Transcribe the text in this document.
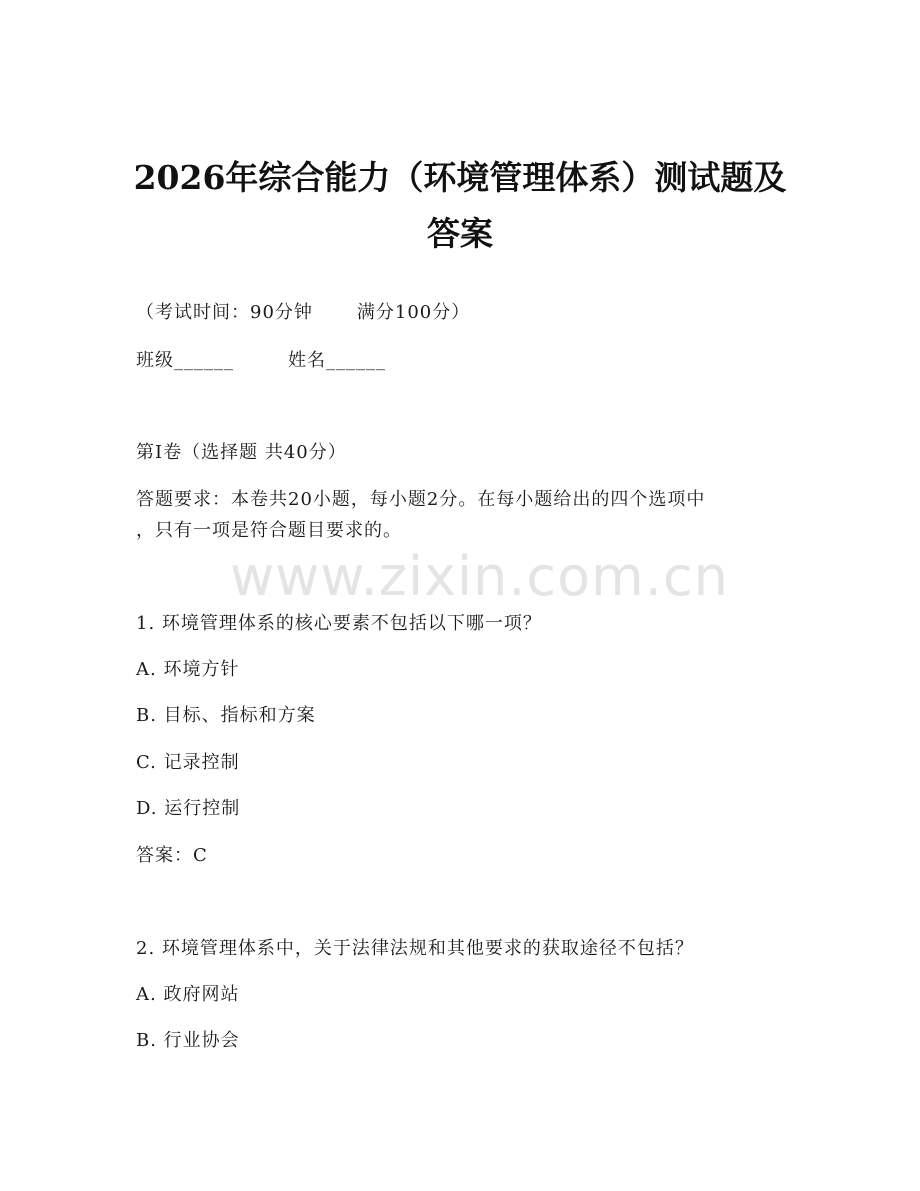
www.zixin.com.cn
2026年综合能力（环境管理体系）测试题及
答案
（考试时间：90分钟 满分100分）
班级______	姓名______
第I卷（选择题 共40分）
答题要求：本卷共20小题，每小题2分。在每小题给出的四个选项中
，只有一项是符合题目要求的。
1. 环境管理体系的核心要素不包括以下哪一项？
A. 环境方针
B. 目标、指标和方案
C. 记录控制
D. 运行控制
答案：C
2. 环境管理体系中，关于法律法规和其他要求的获取途径不包括？
A. 政府网站
B. 行业协会
